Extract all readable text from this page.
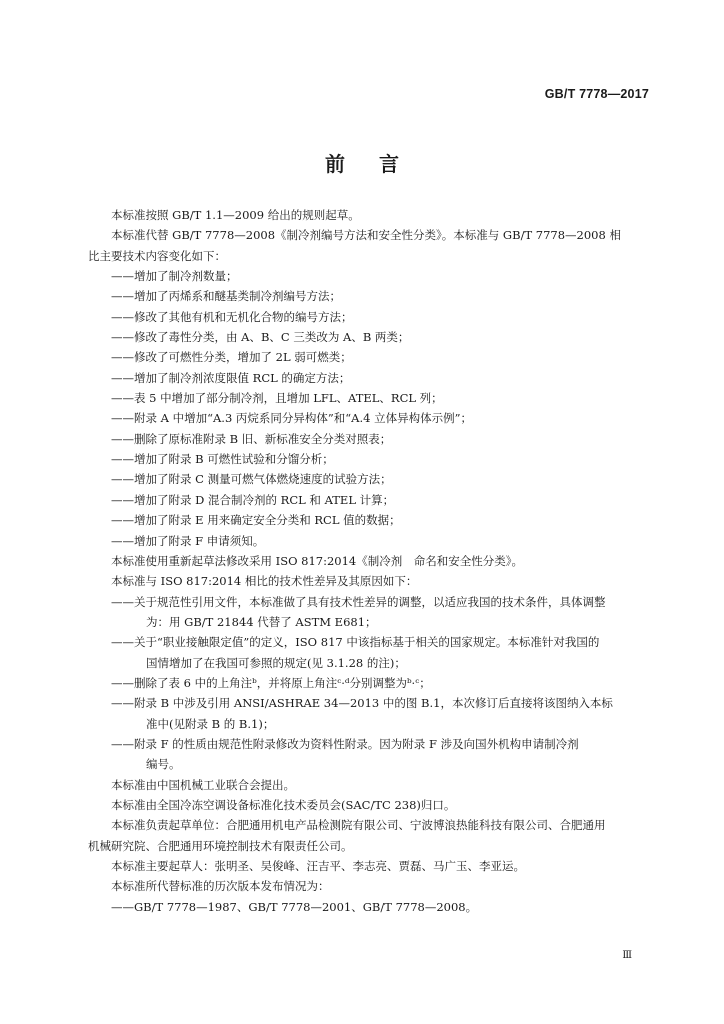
GB/T 7778—2017
前言

本标准按照 GB/T 1.1—2009 给出的规则起草。

本标准代替 GB/T 7778—2008《制冷剂编号方法和安全性分类》。本标准与 GB/T 7778—2008 相

比主要技术内容变化如下：

——增加了制冷剂数量；

——增加了丙烯系和醚基类制冷剂编号方法；

——修改了其他有机和无机化合物的编号方法；

——修改了毒性分类，由 A、B、C 三类改为 A、B 两类；

——修改了可燃性分类，增加了 2L 弱可燃类；

——增加了制冷剂浓度限值 RCL 的确定方法；

——表 5 中增加了部分制冷剂，且增加 LFL、ATEL、RCL 列；

——附录 A 中增加“A.3 丙烷系同分异构体”和“A.4 立体异构体示例”；

——删除了原标准附录 B 旧、新标准安全分类对照表；

——增加了附录 B 可燃性试验和分馏分析；

——增加了附录 C 测量可燃气体燃烧速度的试验方法；

——增加了附录 D 混合制冷剂的 RCL 和 ATEL 计算；

——增加了附录 E 用来确定安全分类和 RCL 值的数据；

——增加了附录 F 申请须知。

本标准使用重新起草法修改采用 ISO 817:2014《制冷剂　命名和安全性分类》。

本标准与 ISO 817:2014 相比的技术性差异及其原因如下：

——关于规范性引用文件，本标准做了具有技术性差异的调整，以适应我国的技术条件，具体调整
为：用 GB/T 21844 代替了 ASTM E681；
——关于“职业接触限定值”的定义，ISO 817 中该指标基于相关的国家规定。本标准针对我国的
国情增加了在我国可参照的规定(见 3.1.28 的注)；
——删除了表 6 中的上角注ᵇ，并将原上角注ᶜ·ᵈ分别调整为ᵇ·ᶜ；
——附录 B 中涉及引用 ANSI/ASHRAE 34—2013 中的图 B.1，本次修订后直接将该图纳入本标
准中(见附录 B 的 B.1)；
——附录 F 的性质由规范性附录修改为资料性附录。因为附录 F 涉及向国外机构申请制冷剂
编号。

本标准由中国机械工业联合会提出。

本标准由全国冷冻空调设备标准化技术委员会(SAC/TC 238)归口。

本标准负责起草单位：合肥通用机电产品检测院有限公司、宁波博浪热能科技有限公司、合肥通用

机械研究院、合肥通用环境控制技术有限责任公司。

本标准主要起草人：张明圣、吴俊峰、汪吉平、李志亮、贾磊、马广玉、李亚运。

本标准所代替标准的历次版本发布情况为：

——GB/T 7778—1987、GB/T 7778—2001、GB/T 7778—2008。

Ⅲ
